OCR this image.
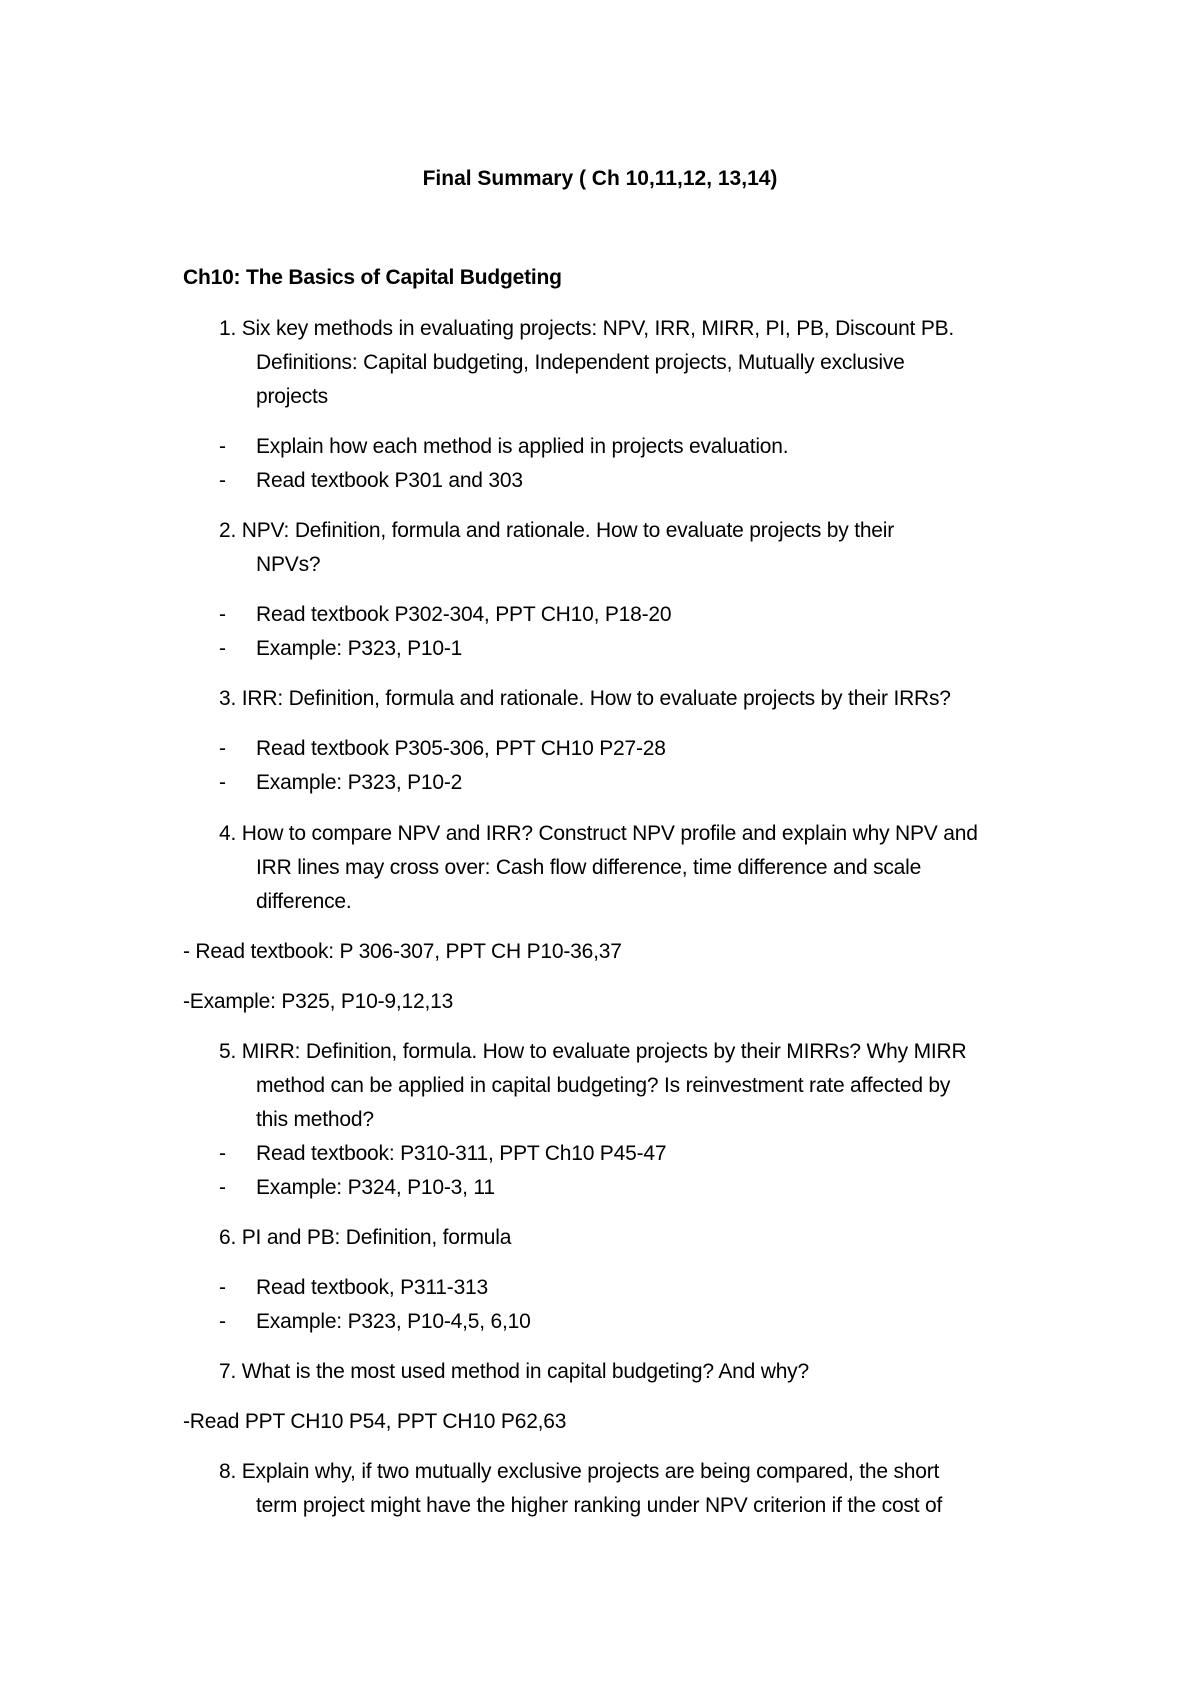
Final Summary ( Ch 10,11,12, 13,14)
Ch10: The Basics of Capital Budgeting
1. Six key methods in evaluating projects: NPV, IRR, MIRR, PI, PB, Discount PB.
Definitions: Capital budgeting, Independent projects, Mutually exclusive
projects
- Explain how each method is applied in projects evaluation.
- Read textbook P301 and 303
2. NPV: Definition, formula and rationale. How to evaluate projects by their
NPVs?
- Read textbook P302-304, PPT CH10, P18-20
- Example: P323, P10-1
3. IRR: Definition, formula and rationale. How to evaluate projects by their IRRs?
- Read textbook P305-306, PPT CH10 P27-28
- Example: P323, P10-2
4. How to compare NPV and IRR? Construct NPV profile and explain why NPV and
IRR lines may cross over: Cash flow difference, time difference and scale
difference.
- Read textbook: P 306-307, PPT CH P10-36,37
-Example: P325, P10-9,12,13
5. MIRR: Definition, formula. How to evaluate projects by their MIRRs? Why MIRR
method can be applied in capital budgeting? Is reinvestment rate affected by
this method?
- Read textbook: P310-311, PPT Ch10 P45-47
- Example: P324, P10-3, 11
6. PI and PB: Definition, formula
- Read textbook, P311-313
- Example: P323, P10-4,5, 6,10
7. What is the most used method in capital budgeting? And why?
-Read PPT CH10 P54, PPT CH10 P62,63
8. Explain why, if two mutually exclusive projects are being compared, the short
term project might have the higher ranking under NPV criterion if the cost of
